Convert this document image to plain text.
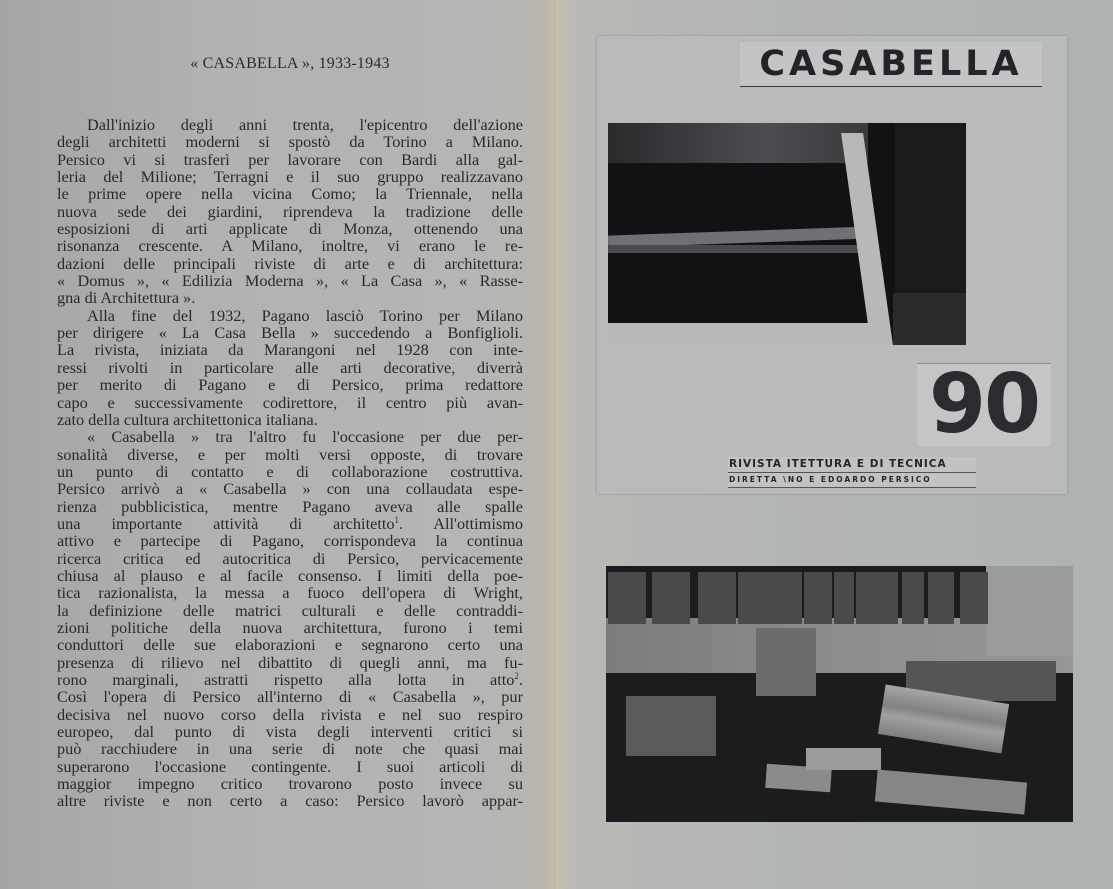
« CASABELLA », 1933-1943
Dall'inizio degli anni trenta, l'epicentro dell'azione
degli architetti moderni si spostò da Torino a Milano.
Persico vi si trasferì per lavorare con Bardi alla gal-
leria del Milione; Terragni e il suo gruppo realizzavano
le prime opere nella vicina Como; la Triennale, nella
nuova sede dei giardini, riprendeva la tradizione delle
esposizioni di arti applicate di Monza, ottenendo una
risonanza crescente. A Milano, inoltre, vi erano le re-
dazioni delle principali riviste di arte e di architettura:
« Domus », « Edilizia Moderna », « La Casa », « Rasse-
gna di Architettura ».
Alla fine del 1932, Pagano lasciò Torino per Milano
per dirigere « La Casa Bella » succedendo a Bonfiglioli.
La rivista, iniziata da Marangoni nel 1928 con inte-
ressi rivolti in particolare alle arti decorative, diverrà
per merito di Pagano e di Persico, prima redattore
capo e successivamente codirettore, il centro più avan-
zato della cultura architettonica italiana.
« Casabella » tra l'altro fu l'occasione per due per-
sonalità diverse, e per molti versi opposte, di trovare
un punto di contatto e di collaborazione costruttiva.
Persico arrivò a « Casabella » con una collaudata espe-
rienza pubblicistica, mentre Pagano aveva alle spalle
una importante attività di architetto$^1$. All'ottimismo
attivo e partecipe di Pagano, corrispondeva la continua
ricerca critica ed autocritica di Persico, pervicacemente
chiusa al plauso e al facile consenso. I limiti della poe-
tica razionalista, la messa a fuoco dell'opera di Wright,
la definizione delle matrici culturali e delle contraddi-
zioni politiche della nuova architettura, furono i temi
conduttori delle sue elaborazioni e segnarono certo una
presenza di rilievo nel dibattito di quegli anni, ma fu-
rono marginali, astratti rispetto alla lotta in atto$^2$.
Così l'opera di Persico all'interno di « Casabella », pur
decisiva nel nuovo corso della rivista e nel suo respiro
europeo, dal punto di vista degli interventi critici si
può racchiudere in una serie di note che quasi mai
superarono l'occasione contingente. I suoi articoli di
maggior impegno critico trovarono posto invece su
altre riviste e non certo a caso: Persico lavorò appar-
CASABELLA
90
RIVISTA ITETTURA E DI TECNICA
DIRETTA \NO E EDOARDO PERSICO
